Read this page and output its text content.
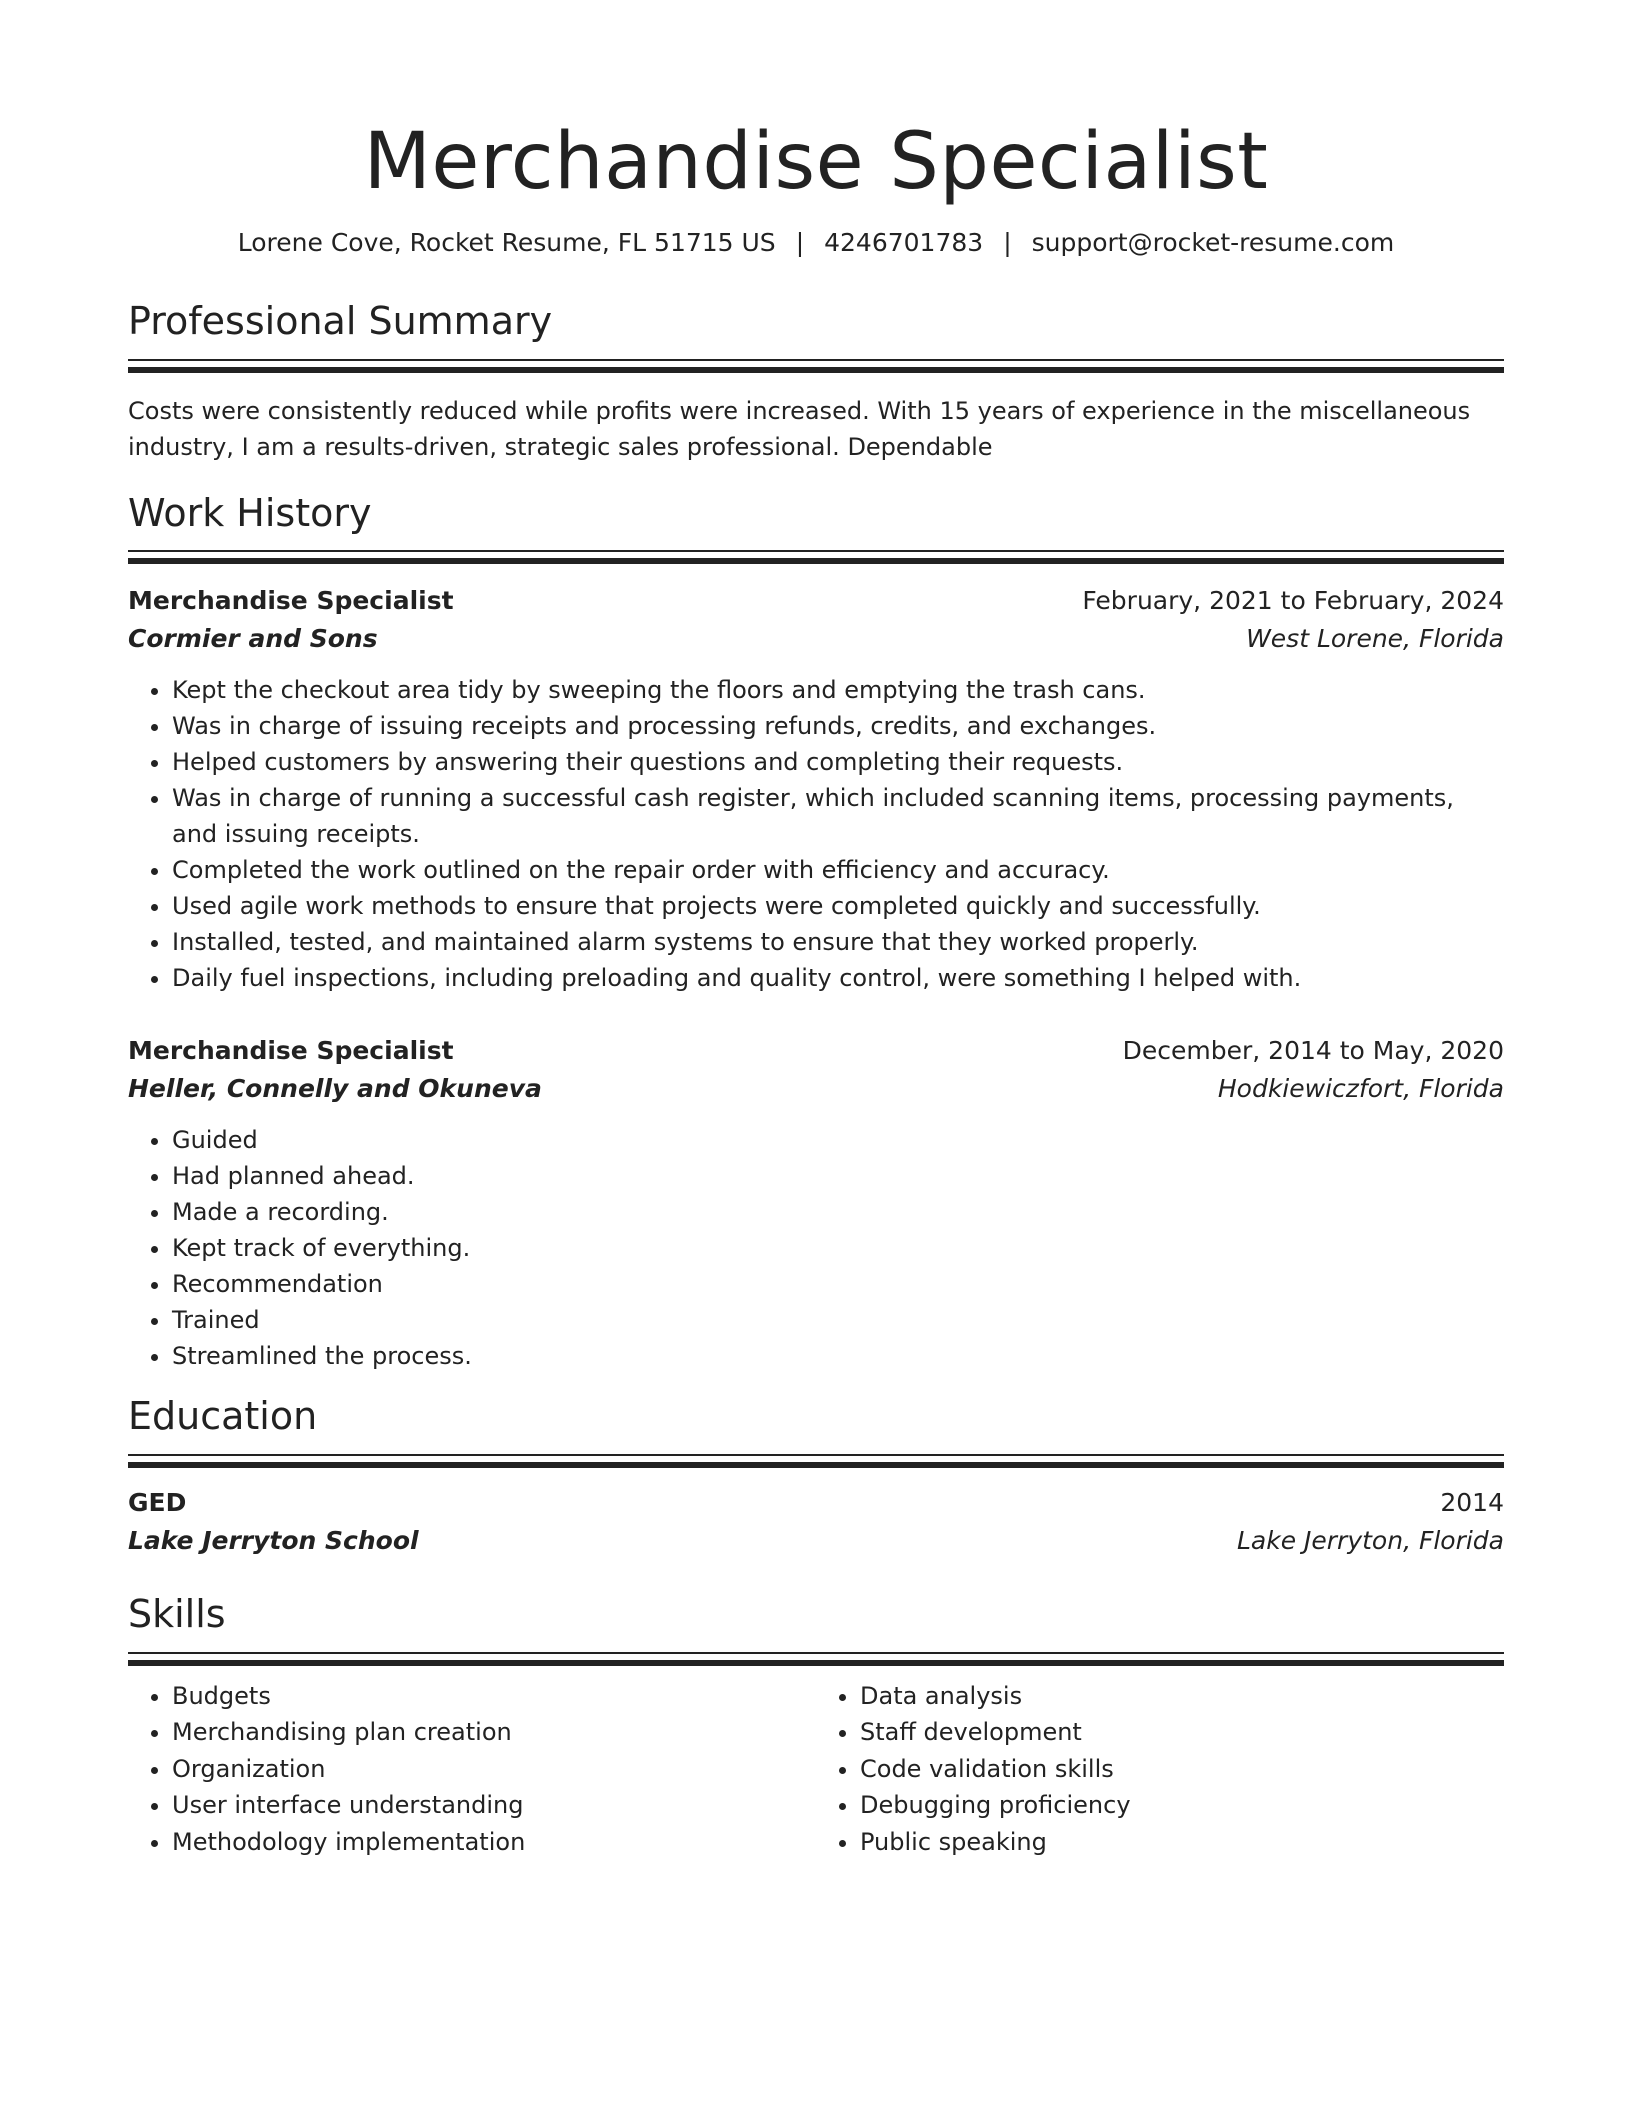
Merchandise Specialist
Lorene Cove, Rocket Resume, FL 51715 US | 4246701783 | support@rocket-resume.com
Professional Summary
Costs were consistently reduced while profits were increased. With 15 years of experience in the miscellaneous industry, I am a results-driven, strategic sales professional. Dependable
Work History
Merchandise Specialist	February, 2021 to February, 2024
Cormier and Sons	West Lorene, Florida
• Kept the checkout area tidy by sweeping the floors and emptying the trash cans.
• Was in charge of issuing receipts and processing refunds, credits, and exchanges.
• Helped customers by answering their questions and completing their requests.
• Was in charge of running a successful cash register, which included scanning items, processing payments, and issuing receipts.
• Completed the work outlined on the repair order with efficiency and accuracy.
• Used agile work methods to ensure that projects were completed quickly and successfully.
• Installed, tested, and maintained alarm systems to ensure that they worked properly.
• Daily fuel inspections, including preloading and quality control, were something I helped with.
Merchandise Specialist	December, 2014 to May, 2020
Heller, Connelly and Okuneva	Hodkiewiczfort, Florida
• Guided
• Had planned ahead.
• Made a recording.
• Kept track of everything.
• Recommendation
• Trained
• Streamlined the process.
Education
GED	2014
Lake Jerryton School	Lake Jerryton, Florida
Skills
• Budgets
• Merchandising plan creation
• Organization
• User interface understanding
• Methodology implementation
• Data analysis
• Staff development
• Code validation skills
• Debugging proficiency
• Public speaking
